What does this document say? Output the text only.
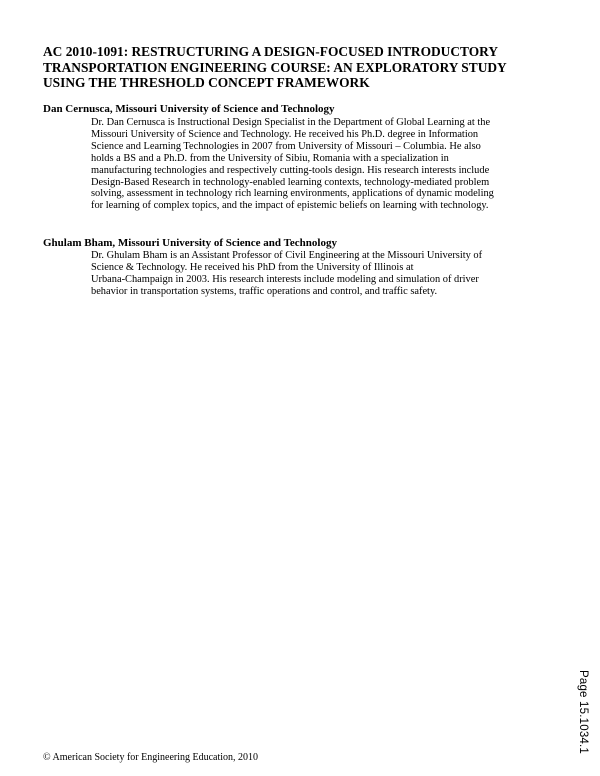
AC 2010-1091: RESTRUCTURING A DESIGN-FOCUSED INTRODUCTORY
TRANSPORTATION ENGINEERING COURSE: AN EXPLORATORY STUDY
USING THE THRESHOLD CONCEPT FRAMEWORK
Dan Cernusca, Missouri University of Science and Technology
Dr. Dan Cernusca is Instructional Design Specialist in the Department of Global Learning at the
Missouri University of Science and Technology. He received his Ph.D. degree in Information
Science and Learning Technologies in 2007 from University of Missouri – Columbia. He also
holds a BS and a Ph.D. from the University of Sibiu, Romania with a specialization in
manufacturing technologies and respectively cutting-tools design. His research interests include
Design-Based Research in technology-enabled learning contexts, technology-mediated problem
solving, assessment in technology rich learning environments, applications of dynamic modeling
for learning of complex topics, and the impact of epistemic beliefs on learning with technology.
Ghulam Bham, Missouri University of Science and Technology
Dr. Ghulam Bham is an Assistant Professor of Civil Engineering at the Missouri University of
Science & Technology. He received his PhD from the University of Illinois at
Urbana-Champaign in 2003. His research interests include modeling and simulation of driver
behavior in transportation systems, traffic operations and control, and traffic safety.
Page 15.1034.1
© American Society for Engineering Education, 2010
